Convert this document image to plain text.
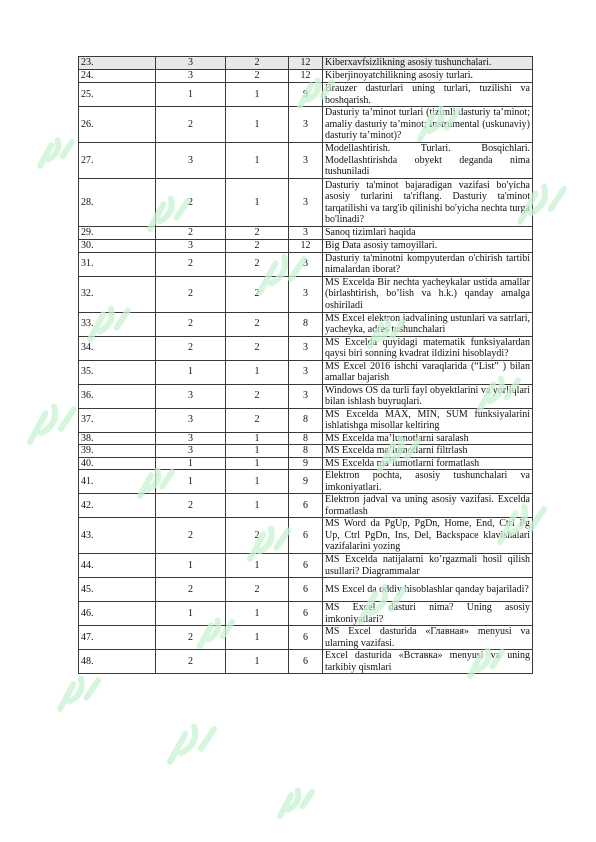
23.	3	2	12	Kiberxavfsizlikning asosiy tushunchalari.
24.	3	2	12	Kiberjinoyatchilikning asosiy turlari.
25.	1	1	9	Brauzer dasturlari uning turlari, tuzilishi va boshqarish.
26.	2	1	3	Dasturiy ta’minot turlari (tizimli dasturiy ta’minot; amaliy dasturiy ta’minot; instrumental (uskunaviy) dasturiy ta’minot)?
27.	3	1	3	Modellashtirish. Turlari. Bosqichlari. Modellashtirishda obyekt deganda nima tushuniladi
28.	2	1	3	Dasturiy ta'minot bajaradigan vazifasi bo'yicha asosiy turlarini ta'riflang. Dasturiy ta'minot tarqatilishi va targ'ib qilinishi bo'yicha nechta turga bo'linadi?
29.	2	2	3	Sanoq tizimlari haqida
30.	3	2	12	Big Data asosiy tamoyillari.
31.	2	2	3	Dasturiy ta'minotni kompyuterdan o'chirish tartibi nimalardan iborat?
32.	2	2	3	MS Excelda Bir nechta yacheykalar ustida amallar (birlashtirish, bo’lish va h.k.) qanday amalga oshiriladi
33.	2	2	8	MS Excel elektron jadvalining ustunlari va satrlari, yacheyka, adres tushunchalari
34.	2	2	3	MS Excelda quyidagi matematik funksiyalardan qaysi biri sonning kvadrat ildizini hisoblaydi?
35.	1	1	3	MS Excel 2016 ishchi varaqlarida (“List” ) bilan amallar bajarish
36.	3	2	3	Windows OS da turli fayl obyektlarini va yorliqlari bilan ishlash buyruqlari.
37.	3	2	8	MS Excelda MAX, MIN, SUM funksiyalarini ishlatishga misollar keltiring
38.	3	1	8	MS Excelda ma’lumotlarni saralash
39.	3	1	8	MS Excelda ma’lumotlarni filtrlash
40.	1	1	9	MS Excelda ma’lumotlarni formatlash
41.	1	1	9	Elektron pochta, asosiy tushunchalari va imkoniyatlari.
42.	2	1	6	Elektron jadval va uning asosiy vazifasi. Excelda formatlash
43.	2	2	6	MS Word da PgUp, PgDn, Home, End, Ctrl Pg Up, Ctrl PgDn, Ins, Del, Backspace klavishalari vazifalarini yozing
44.	1	1	6	MS Excelda natijalarni ko’rgazmali hosil qilish usullari? Diagrammalar
45.	2	2	6	MS Excel da oddiy hisoblashlar qanday bajariladi?
46.	1	1	6	MS Excel dasturi nima? Uning asosiy imkoniyatlari?
47.	2	1	6	MS Excel dasturida «Главная» menyusi va ularning vazifasi.
48.	2	1	6	Excel dasturida «Вставка» menyusi va uning tarkibiy qismlari
